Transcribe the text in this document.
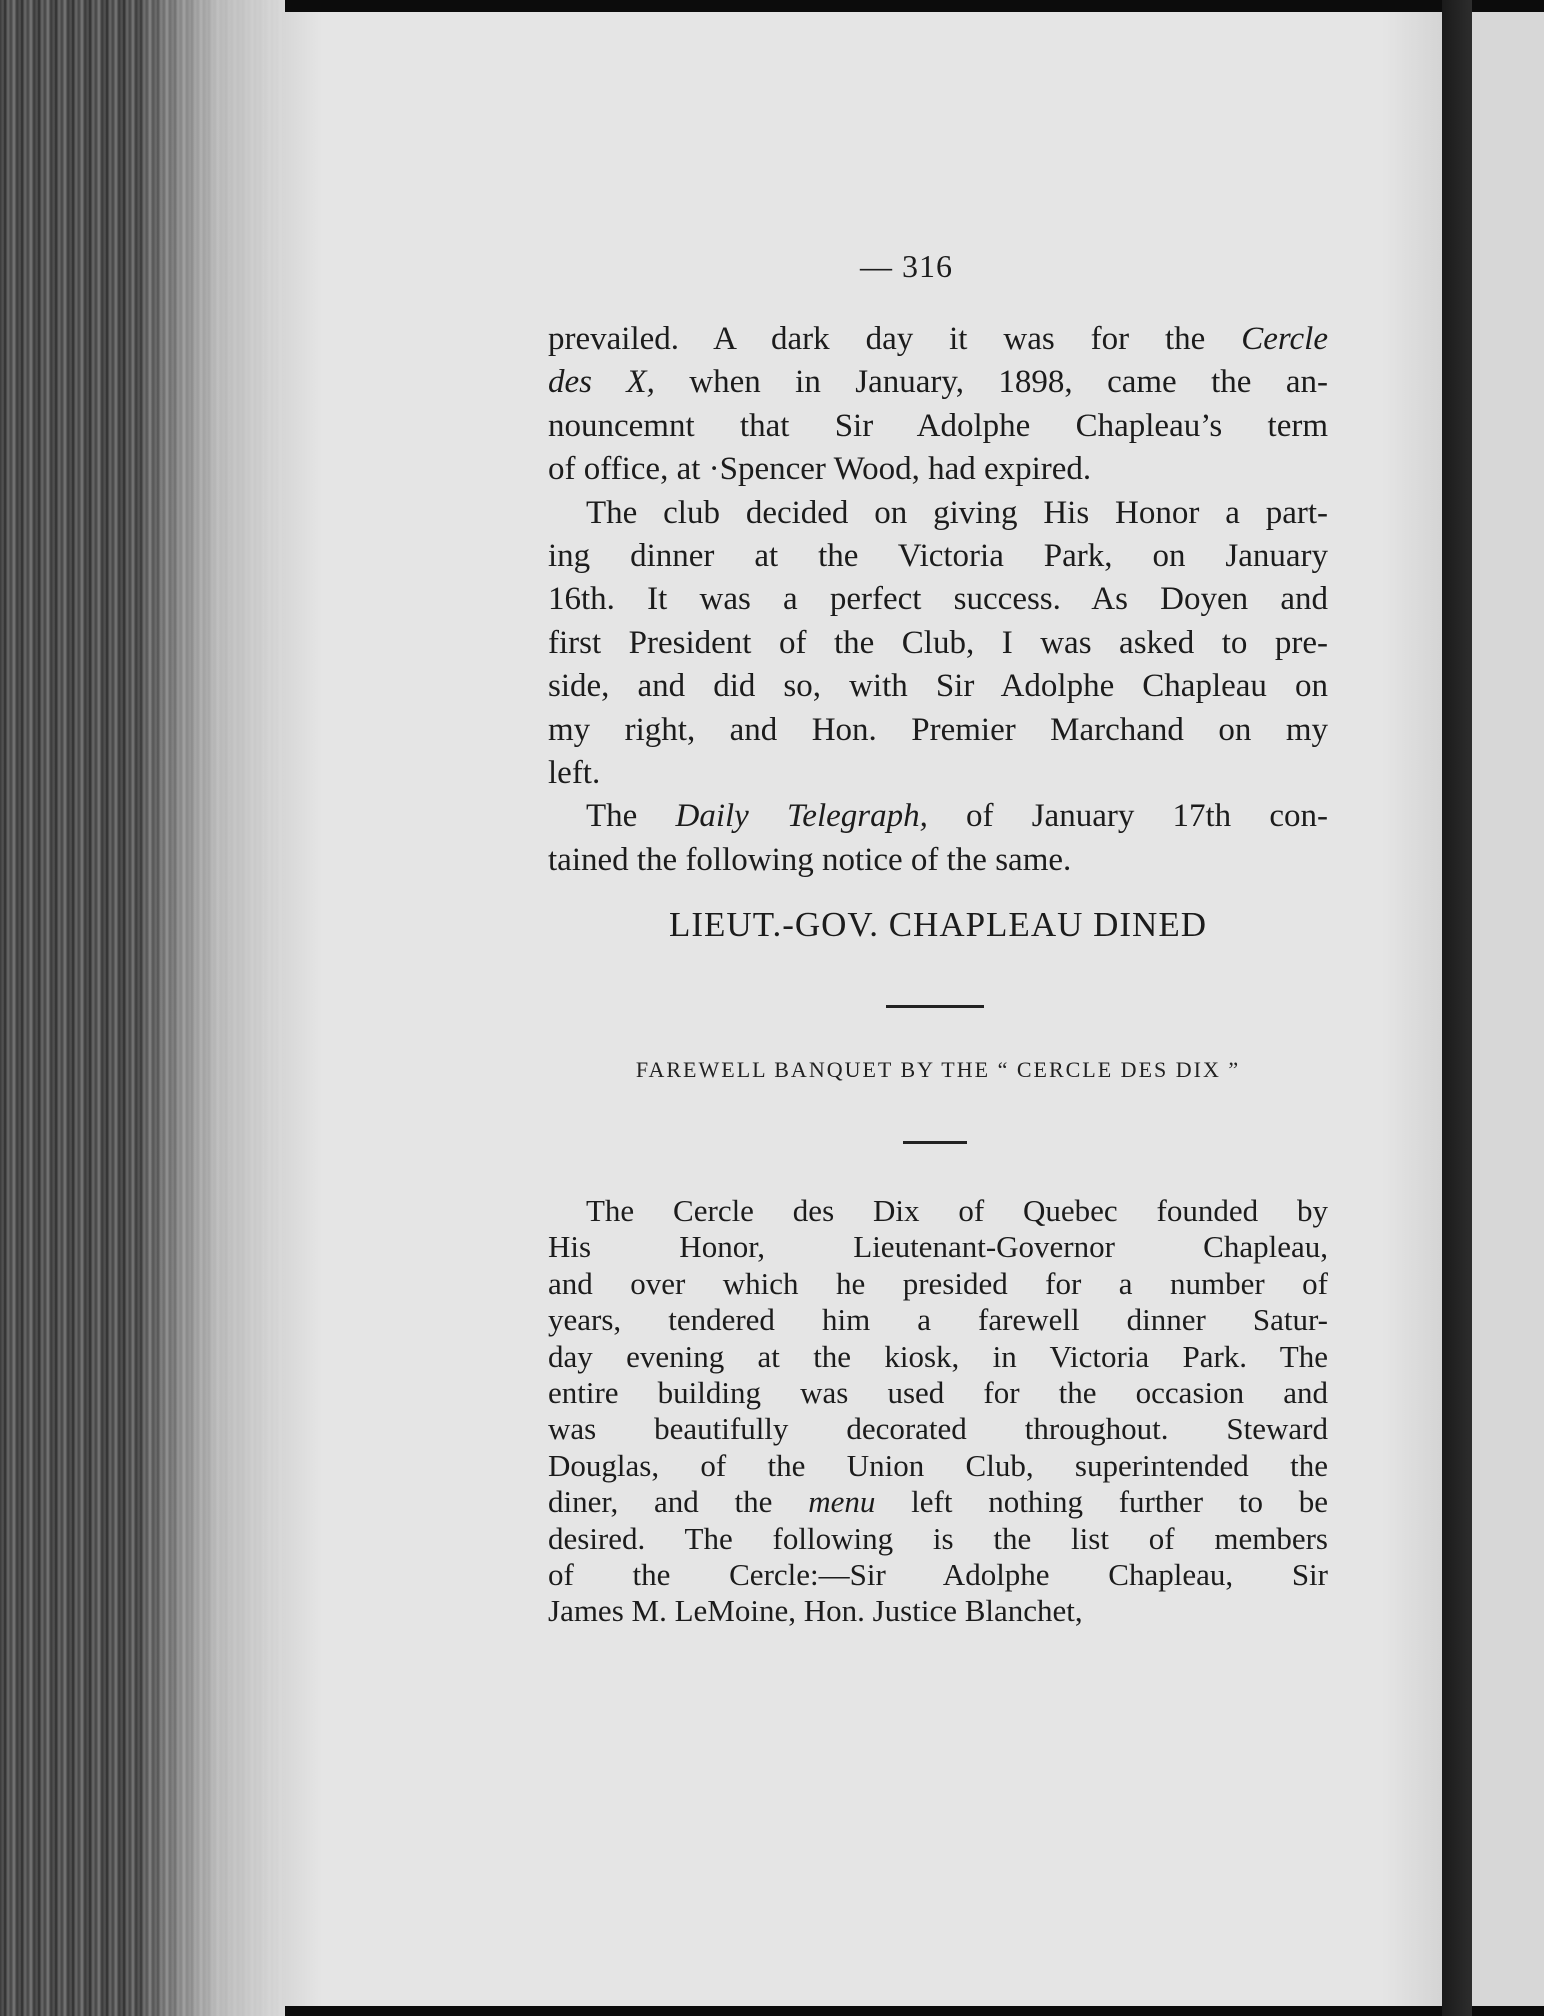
— 316
prevailed. A dark day it was for the Cercle
des X, when in January, 1898, came the an-
nouncemnt that Sir Adolphe Chapleau’s term
of office, at ·Spencer Wood, had expired.
The club decided on giving His Honor a part-
ing dinner at the Victoria Park, on January
16th. It was a perfect success. As Doyen and
first President of the Club, I was asked to pre-
side, and did so, with Sir Adolphe Chapleau on
my right, and Hon. Premier Marchand on my
left.
The Daily Telegraph, of January 17th con-
tained the following notice of the same.
LIEUT.-GOV. CHAPLEAU DINED
FAREWELL BANQUET BY THE “ CERCLE DES DIX ”
The Cercle des Dix of Quebec founded by
His Honor, Lieutenant-Governor Chapleau,
and over which he presided for a number of
years, tendered him a farewell dinner Satur-
day evening at the kiosk, in Victoria Park. The
entire building was used for the occasion and
was beautifully decorated throughout. Steward
Douglas, of the Union Club, superintended the
diner, and the menu left nothing further to be
desired. The following is the list of members
of the Cercle:—Sir Adolphe Chapleau, Sir
James M. LeMoine, Hon. Justice Blanchet,
